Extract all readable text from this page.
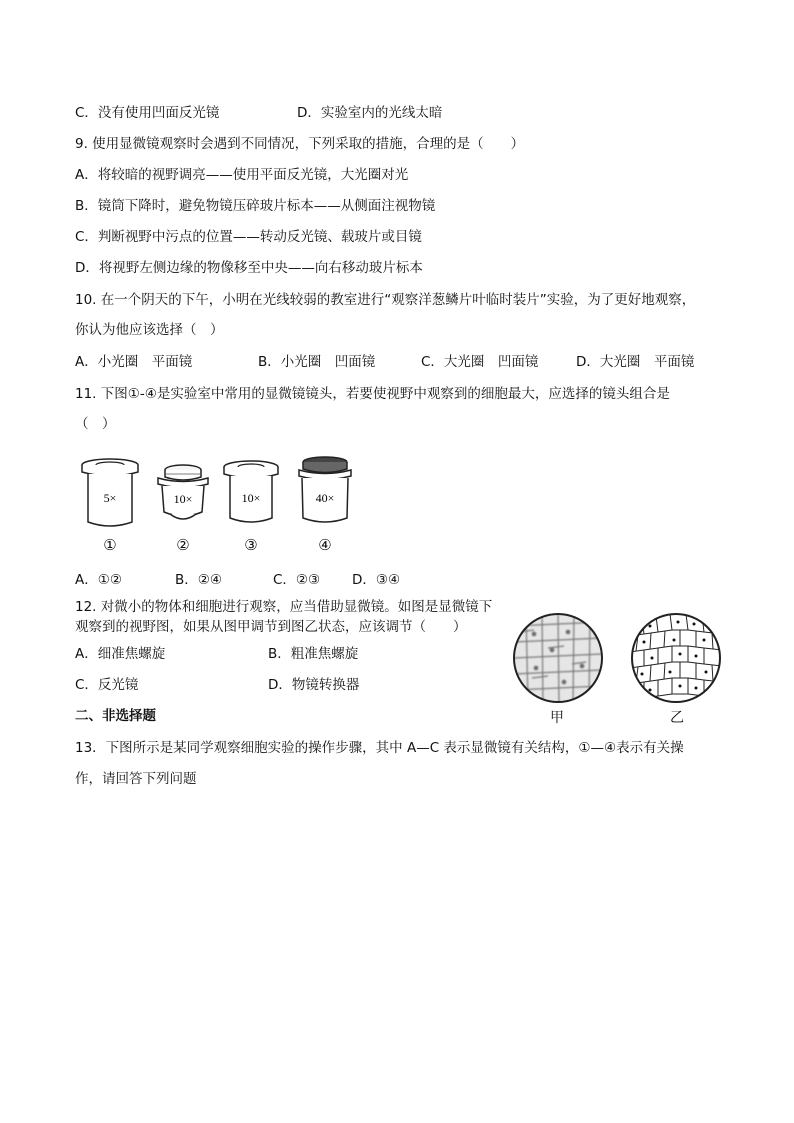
C．没有使用凹面反光镜	D．实验室内的光线太暗
9. 使用显微镜观察时会遇到不同情况，下列采取的措施，合理的是（　　）
A．将较暗的视野调亮——使用平面反光镜，大光圈对光
B．镜筒下降时，避免物镜压碎玻片标本——从侧面注视物镜
C．判断视野中污点的位置——转动反光镜、载玻片或目镜
D．将视野左侧边缘的物像移至中央——向右移动玻片标本
10. 在一个阴天的下午，小明在光线较弱的教室进行“观察洋葱鳞片叶临时装片”实验，为了更好地观察，
你认为他应该选择（　）
A．小光圈　平面镜	B．小光圈　凹面镜	C．大光圈　凹面镜	D．大光圈　平面镜
11. 下图①-④是实验室中常用的显微镜镜头，若要使视野中观察到的细胞最大，应选择的镜头组合是
（　）
5×
①
10×
②
10×
③
40×
④
A．①②	B．②④	C．②③ D．③④
12. 对微小的物体和细胞进行观察，应当借助显微镜。如图是显微镜下
观察到的视野图，如果从图甲调节到图乙状态，应该调节（　　）
A．细准焦螺旋	B．粗准焦螺旋
C．反光镜	D．物镜转换器
甲	乙
二、非选择题
13．下图所示是某同学观察细胞实验的操作步骤，其中 A—C 表示显微镜有关结构，①—④表示有关操
作，请回答下列问题
